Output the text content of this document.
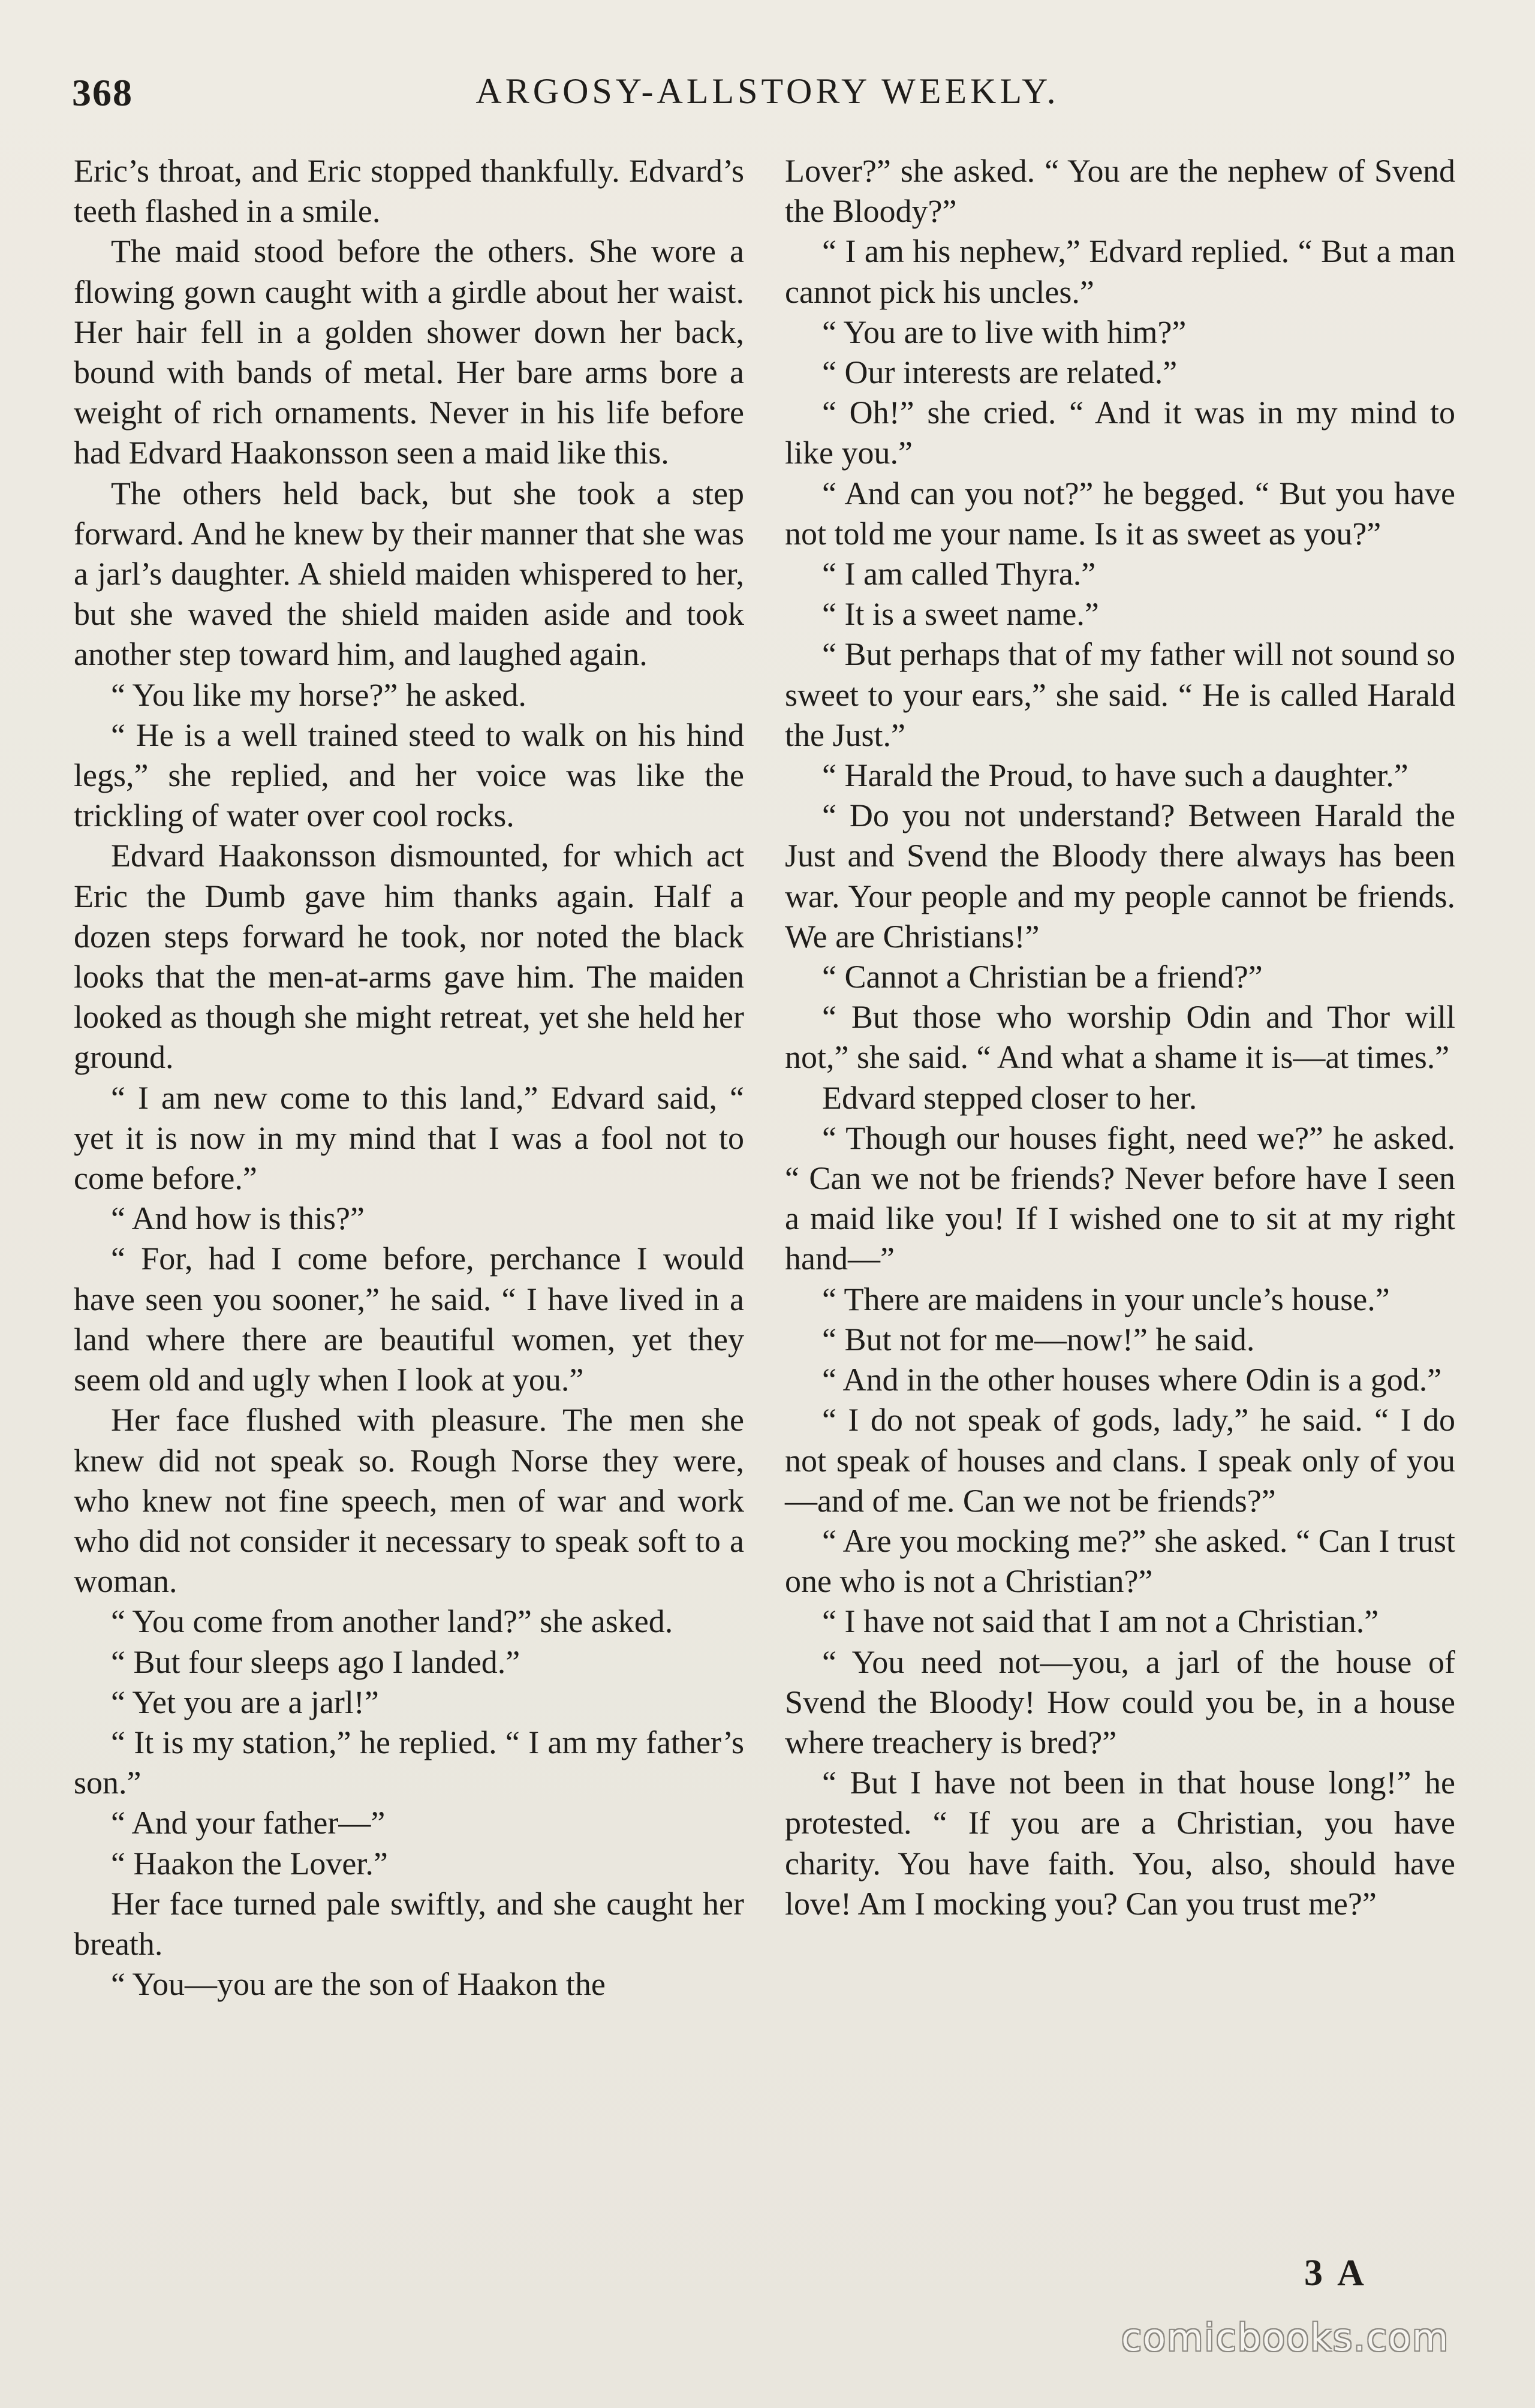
368	ARGOSY-ALLSTORY WEEKLY.

Eric’s throat, and Eric stopped thankfully. Edvard’s teeth flashed in a smile.

The maid stood before the others. She wore a flowing gown caught with a girdle about her waist. Her hair fell in a golden shower down her back, bound with bands of metal. Her bare arms bore a weight of rich ornaments. Never in his life before had Edvard Haakonsson seen a maid like this.

The others held back, but she took a step forward. And he knew by their manner that she was a jarl’s daughter. A shield maiden whispered to her, but she waved the shield maiden aside and took another step toward him, and laughed again.

“ You like my horse?” he asked.

“ He is a well trained steed to walk on his hind legs,” she replied, and her voice was like the trickling of water over cool rocks.

Edvard Haakonsson dismounted, for which act Eric the Dumb gave him thanks again. Half a dozen steps forward he took, nor noted the black looks that the men-at-arms gave him. The maiden looked as though she might retreat, yet she held her ground.

“ I am new come to this land,” Edvard said, “ yet it is now in my mind that I was a fool not to come before.”

“ And how is this?”

“ For, had I come before, perchance I would have seen you sooner,” he said. “ I have lived in a land where there are beautiful women, yet they seem old and ugly when I look at you.”

Her face flushed with pleasure. The men she knew did not speak so. Rough Norse they were, who knew not fine speech, men of war and work who did not consider it necessary to speak soft to a woman.

“ You come from another land?” she asked.

“ But four sleeps ago I landed.”

“ Yet you are a jarl!”

“ It is my station,” he replied. “ I am my father’s son.”

“ And your father—”

“ Haakon the Lover.”

Her face turned pale swiftly, and she caught her breath.

“ You—you are the son of Haakon the

Lover?” she asked. “ You are the nephew of Svend the Bloody?”

“ I am his nephew,” Edvard replied. “ But a man cannot pick his uncles.”

“ You are to live with him?”

“ Our interests are related.”

“ Oh!” she cried. “ And it was in my mind to like you.”

“ And can you not?” he begged. “ But you have not told me your name. Is it as sweet as you?”

“ I am called Thyra.”

“ It is a sweet name.”

“ But perhaps that of my father will not sound so sweet to your ears,” she said. “ He is called Harald the Just.”

“ Harald the Proud, to have such a daughter.”

“ Do you not understand? Between Harald the Just and Svend the Bloody there always has been war. Your people and my people cannot be friends. We are Christians!”

“ Cannot a Christian be a friend?”

“ But those who worship Odin and Thor will not,” she said. “ And what a shame it is—at times.”

Edvard stepped closer to her.

“ Though our houses fight, need we?” he asked. “ Can we not be friends? Never before have I seen a maid like you! If I wished one to sit at my right hand—”

“ There are maidens in your uncle’s house.”

“ But not for me—now!” he said.

“ And in the other houses where Odin is a god.”

“ I do not speak of gods, lady,” he said. “ I do not speak of houses and clans. I speak only of you—and of me. Can we not be friends?”

“ Are you mocking me?” she asked. “ Can I trust one who is not a Christian?”

“ I have not said that I am not a Christian.”

“ You need not—you, a jarl of the house of Svend the Bloody! How could you be, in a house where treachery is bred?”

“ But I have not been in that house long!” he protested. “ If you are a Christian, you have charity. You have faith. You, also, should have love! Am I mocking you? Can you trust me?”

3 A
comicbooks.com
